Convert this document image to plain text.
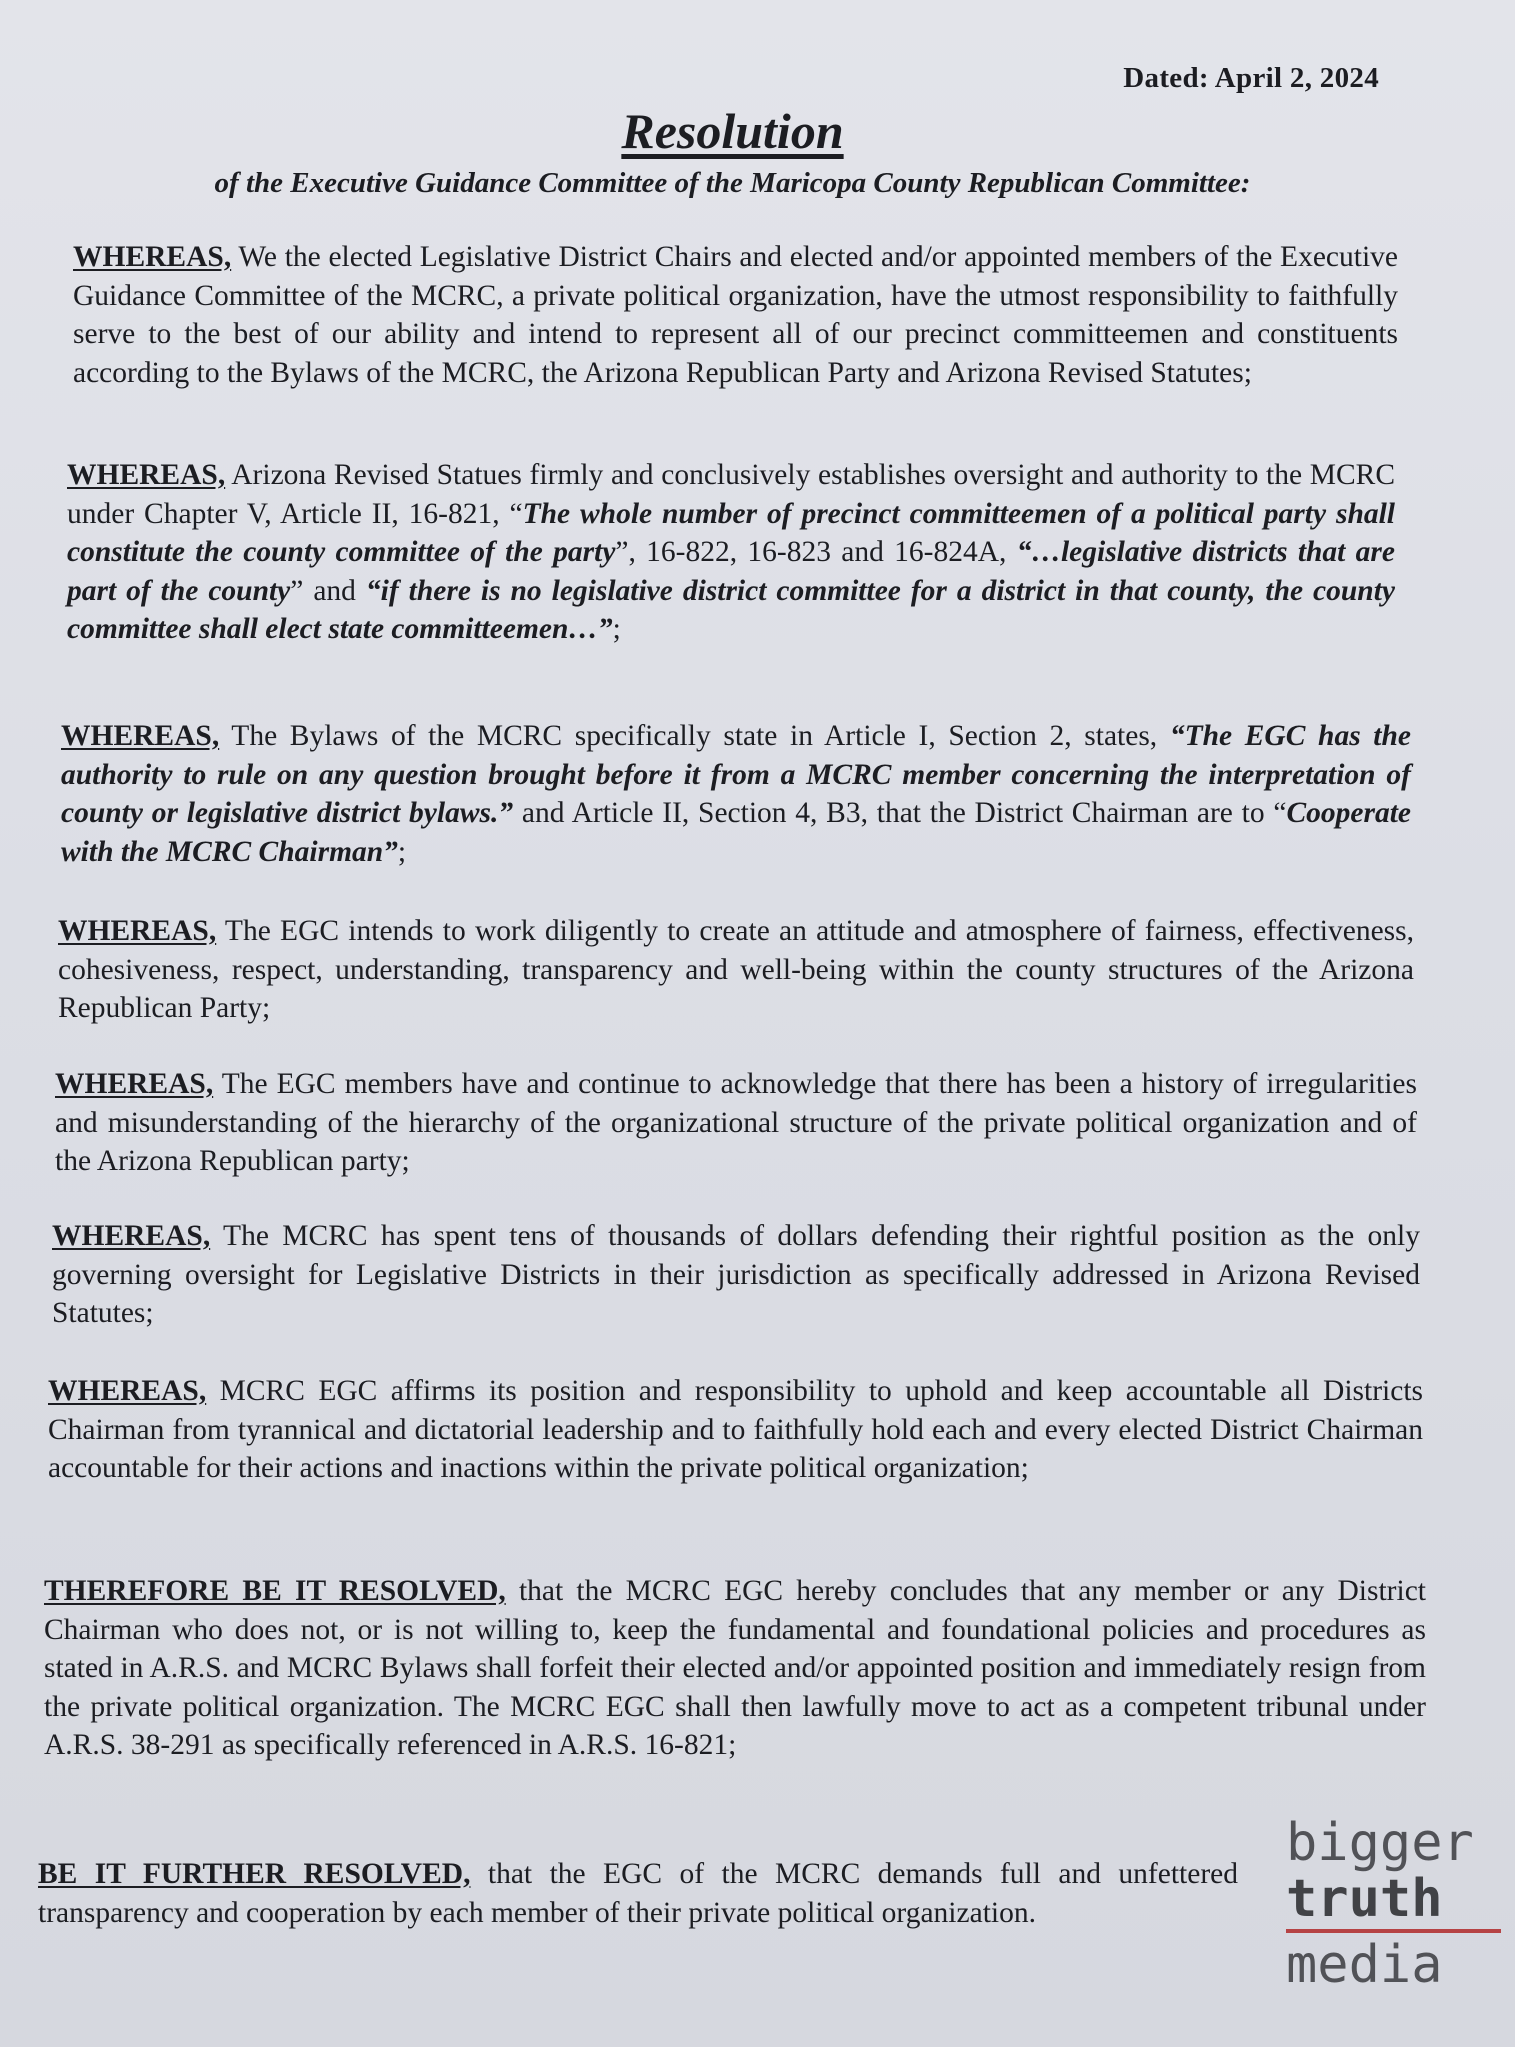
Dated: April 2, 2024
Resolution
of the Executive Guidance Committee of the Maricopa County Republican Committee:
WHEREAS, We the elected Legislative District Chairs and elected and/or appointed members of the Executive Guidance Committee of the MCRC, a private political organization, have the utmost responsibility to faithfully serve to the best of our ability and intend to represent all of our precinct committeemen and constituents according to the Bylaws of the MCRC, the Arizona Republican Party and Arizona Revised Statutes;
WHEREAS, Arizona Revised Statues firmly and conclusively establishes oversight and authority to the MCRC under Chapter V, Article II, 16-821, “The whole number of precinct committeemen of a political party shall constitute the county committee of the party”, 16-822, 16-823 and 16-824A, “…legislative districts that are part of the county” and “if there is no legislative district committee for a district in that county, the county committee shall elect state committeemen…”;
WHEREAS, The Bylaws of the MCRC specifically state in Article I, Section 2, states, “The EGC has the authority to rule on any question brought before it from a MCRC member concerning the interpretation of county or legislative district bylaws.” and Article II, Section 4, B3, that the District Chairman are to “Cooperate with the MCRC Chairman”;
WHEREAS, The EGC intends to work diligently to create an attitude and atmosphere of fairness, effectiveness, cohesiveness, respect, understanding, transparency and well-being within the county structures of the Arizona Republican Party;
WHEREAS, The EGC members have and continue to acknowledge that there has been a history of irregularities and misunderstanding of the hierarchy of the organizational structure of the private political organization and of the Arizona Republican party;
WHEREAS, The MCRC has spent tens of thousands of dollars defending their rightful position as the only governing oversight for Legislative Districts in their jurisdiction as specifically addressed in Arizona Revised Statutes;
WHEREAS, MCRC EGC affirms its position and responsibility to uphold and keep accountable all Districts Chairman from tyrannical and dictatorial leadership and to faithfully hold each and every elected District Chairman accountable for their actions and inactions within the private political organization;
THEREFORE BE IT RESOLVED, that the MCRC EGC hereby concludes that any member or any District Chairman who does not, or is not willing to, keep the fundamental and foundational policies and procedures as stated in A.R.S. and MCRC Bylaws shall forfeit their elected and/or appointed position and immediately resign from the private political organization. The MCRC EGC shall then lawfully move to act as a competent tribunal under A.R.S. 38-291 as specifically referenced in A.R.S. 16-821;
BE IT FURTHER RESOLVED, that the EGC of the MCRC demands full and unfettered transparency and cooperation by each member of their private political organization.
bigger
truth
media
